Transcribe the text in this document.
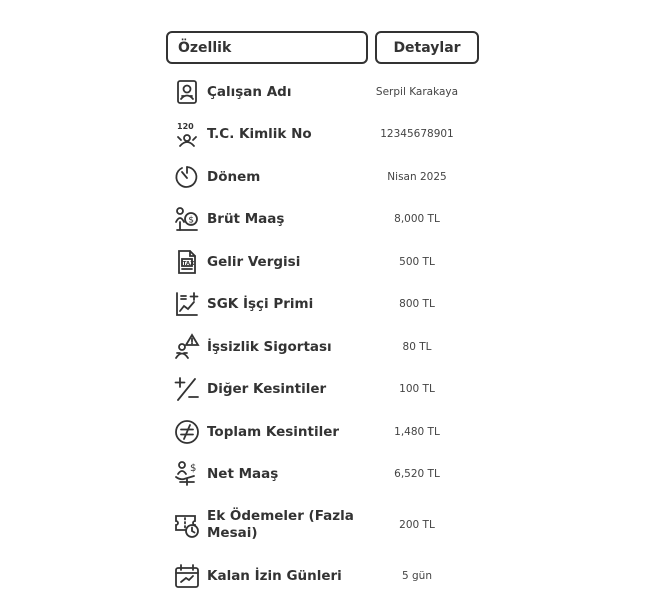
Özellik	Detaylar
Çalışan Adı	Serpil Karakaya
120 T.C. Kimlik No	12345678901
Dönem	Nisan 2025
$ Brüt Maaş	8,000 TL
TAX Gelir Vergisi	500 TL
SGK İşçi Primi	800 TL
İşsizlik Sigortası	80 TL
Diğer Kesintiler	100 TL
Toplam Kesintiler	1,480 TL
$ Net Maaş	6,520 TL
Ek Ödemeler (Fazla Mesai)	200 TL
Kalan İzin Günleri	5 gün
